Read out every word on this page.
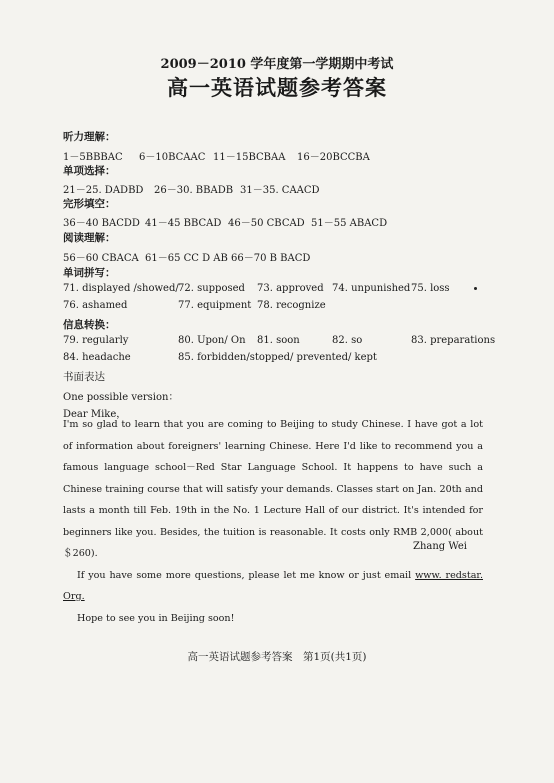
2009－2010 学年度第一学期期中考试
高一英语试题参考答案
听力理解：
1－5BBBAC 6－10BCAAC 11－15BCBAA 16－20BCCBA
单项选择：
21－25. DADBD 26－30. BBADB 31－35. CAACD
完形填空：
36－40 BACDD 41－45 BBCAD 46－50 CBCAD 51－55 ABACD
阅读理解：
56－60 CBACA 61－65 CC D AB 66－70 B BACD
单词拼写：
71. displayed /showed/ 72. supposed 73. approved 74. unpunished 75. loss
76. ashamed	77. equipment 78. recognize
信息转换：
79. regularly	80. Upon/ On 81. soon	82. so	83. preparations
84. headache	85. forbidden/stopped/ prevented/ kept
书面表达
One possible version：
Dear Mike，

I'm so glad to learn that you are coming to Beijing to study Chinese. I have got a lot of information about foreigners' learning Chinese. Here I'd like to recommend you a famous language school－Red Star Language School. It happens to have such a Chinese training course that will satisfy your demands. Classes start on Jan. 20th and lasts a month till Feb. 19th in the No. 1 Lecture Hall of our district. It's intended for beginners like you. Besides, the tuition is reasonable. It costs only RMB 2,000( about ＄260).

If you have some more questions, please let me know or just email www. redstar. Org.

Hope to see you in Beijing soon!

Zhang Wei
高一英语试题参考答案　第1页(共1页)
